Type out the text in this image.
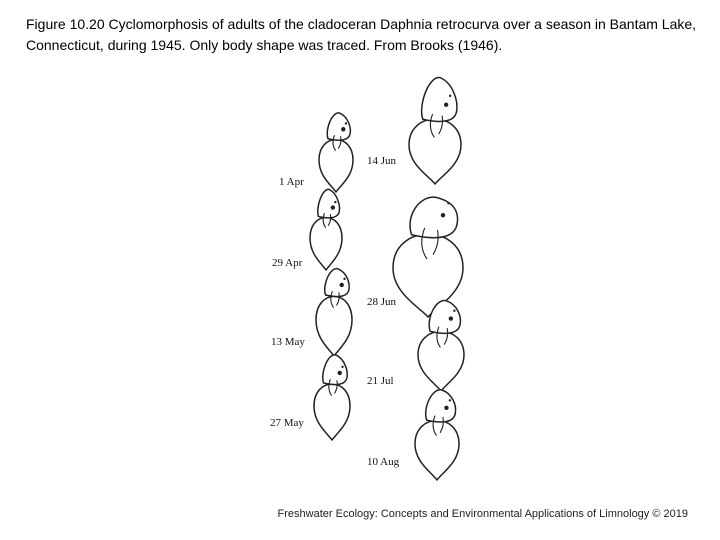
Figure 10.20 Cyclomorphosis of adults of the cladoceran Daphnia retrocurva over a season in Bantam Lake, Connecticut, during 1945. Only body shape was traced. From Brooks (1946).

1 Apr
29 Apr
13 May
27 May
14 Jun
28 Jun
21 Jul
10 Aug

Freshwater Ecology: Concepts and Environmental Applications of Limnology © 2019
